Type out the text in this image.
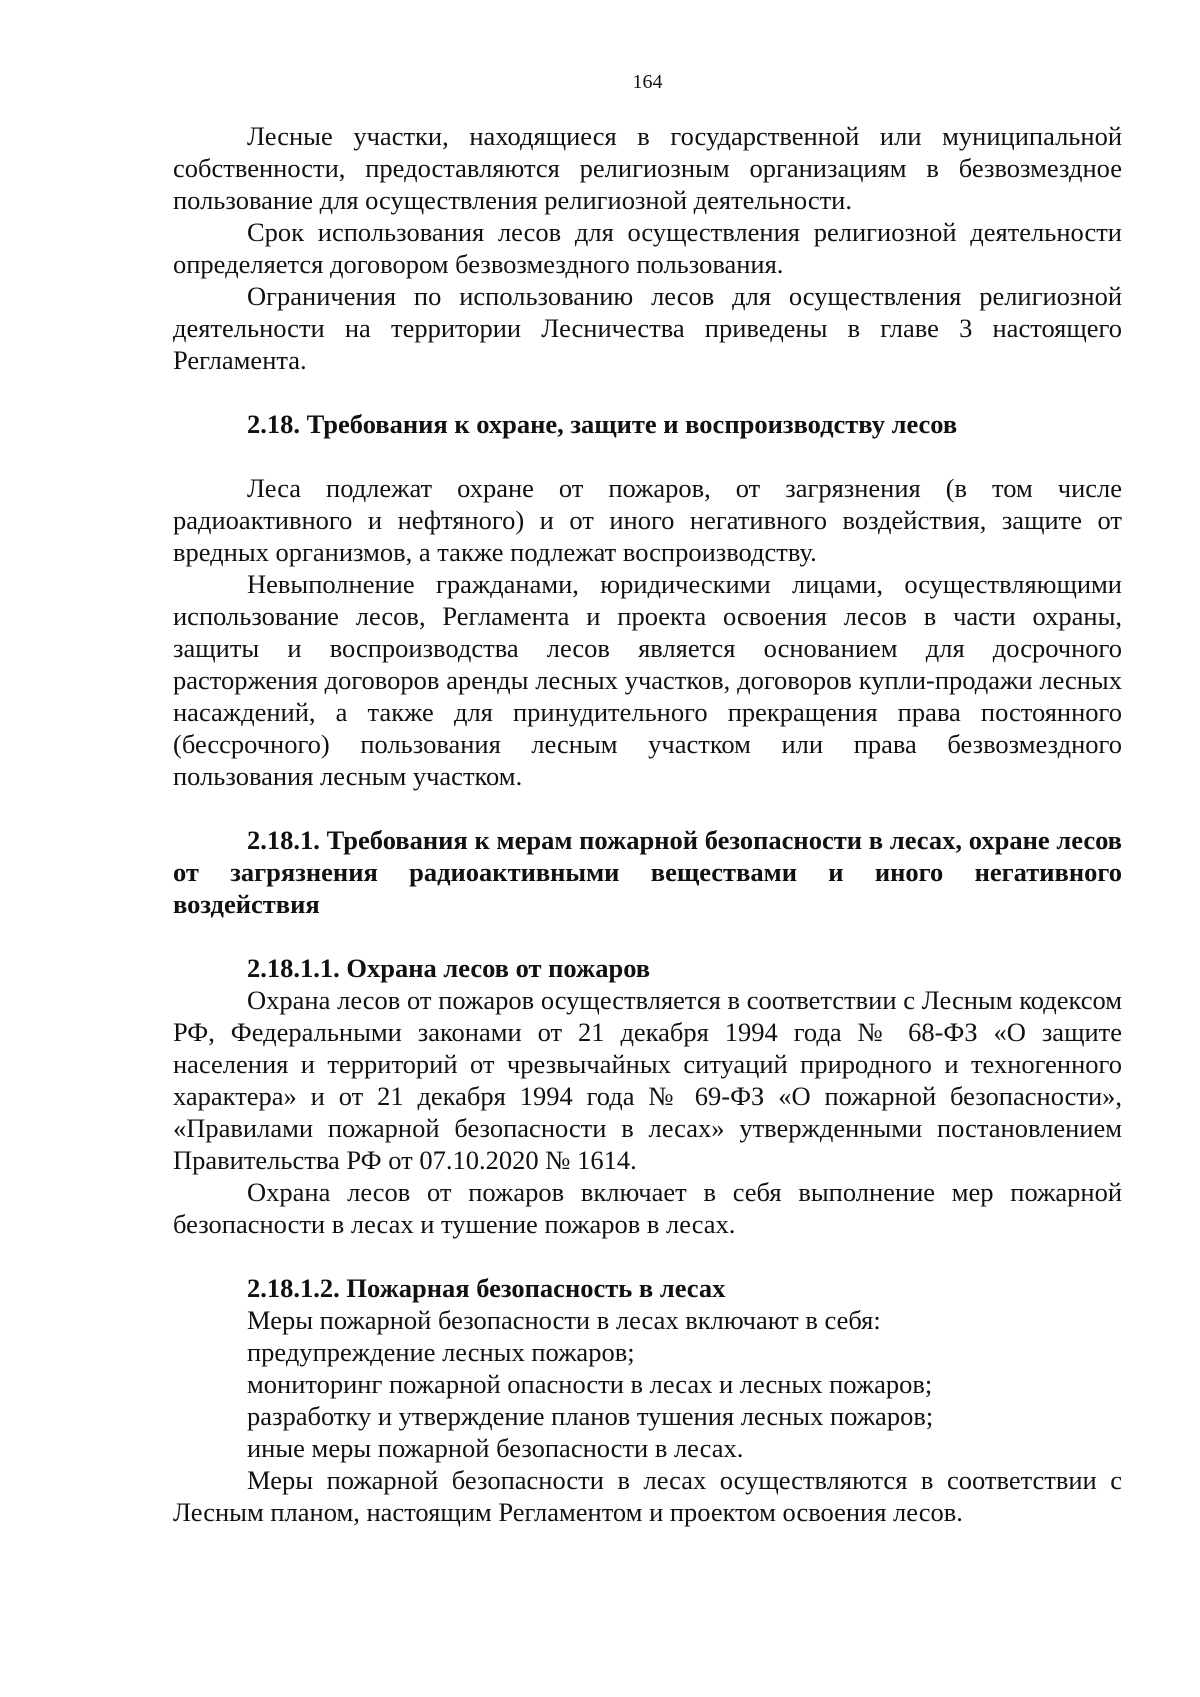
164

Лесные участки, находящиеся в государственной или муниципальной собственности, предоставляются религиозным организациям в безвозмездное пользование для осуществления религиозной деятельности.

Срок использования лесов для осуществления религиозной деятельности определяется договором безвозмездного пользования.

Ограничения по использованию лесов для осуществления религиозной деятельности на территории Лесничества приведены в главе 3 настоящего Регламента.

2.18. Требования к охране, защите и воспроизводству лесов

Леса подлежат охране от пожаров, от загрязнения (в том числе радиоактивного и нефтяного) и от иного негативного воздействия, защите от вредных организмов, а также подлежат воспроизводству.

Невыполнение гражданами, юридическими лицами, осуществляющими использование лесов, Регламента и проекта освоения лесов в части охраны, защиты и воспроизводства лесов является основанием для досрочного расторжения договоров аренды лесных участков, договоров купли-продажи лесных насаждений, а также для принудительного прекращения права постоянного (бессрочного) пользования лесным участком или права безвозмездного пользования лесным участком.

2.18.1. Требования к мерам пожарной безопасности в лесах, охране лесов от загрязнения радиоактивными веществами и иного негативного воздействия
2.18.1.1. Охрана лесов от пожаров

Охрана лесов от пожаров осуществляется в соответствии с Лесным кодексом РФ, Федеральными законами от 21 декабря 1994 года № 68-ФЗ «О защите населения и территорий от чрезвычайных ситуаций природного и техногенного характера» и от 21 декабря 1994 года № 69-ФЗ «О пожарной безопасности», «Правилами пожарной безопасности в лесах» утвержденными постановлением Правительства РФ от 07.10.2020 № 1614.

Охрана лесов от пожаров включает в себя выполнение мер пожарной безопасности в лесах и тушение пожаров в лесах.

2.18.1.2. Пожарная безопасность в лесах

Меры пожарной безопасности в лесах включают в себя:

предупреждение лесных пожаров;

мониторинг пожарной опасности в лесах и лесных пожаров;

разработку и утверждение планов тушения лесных пожаров;

иные меры пожарной безопасности в лесах.

Меры пожарной безопасности в лесах осуществляются в соответствии с Лесным планом, настоящим Регламентом и проектом освоения лесов.
